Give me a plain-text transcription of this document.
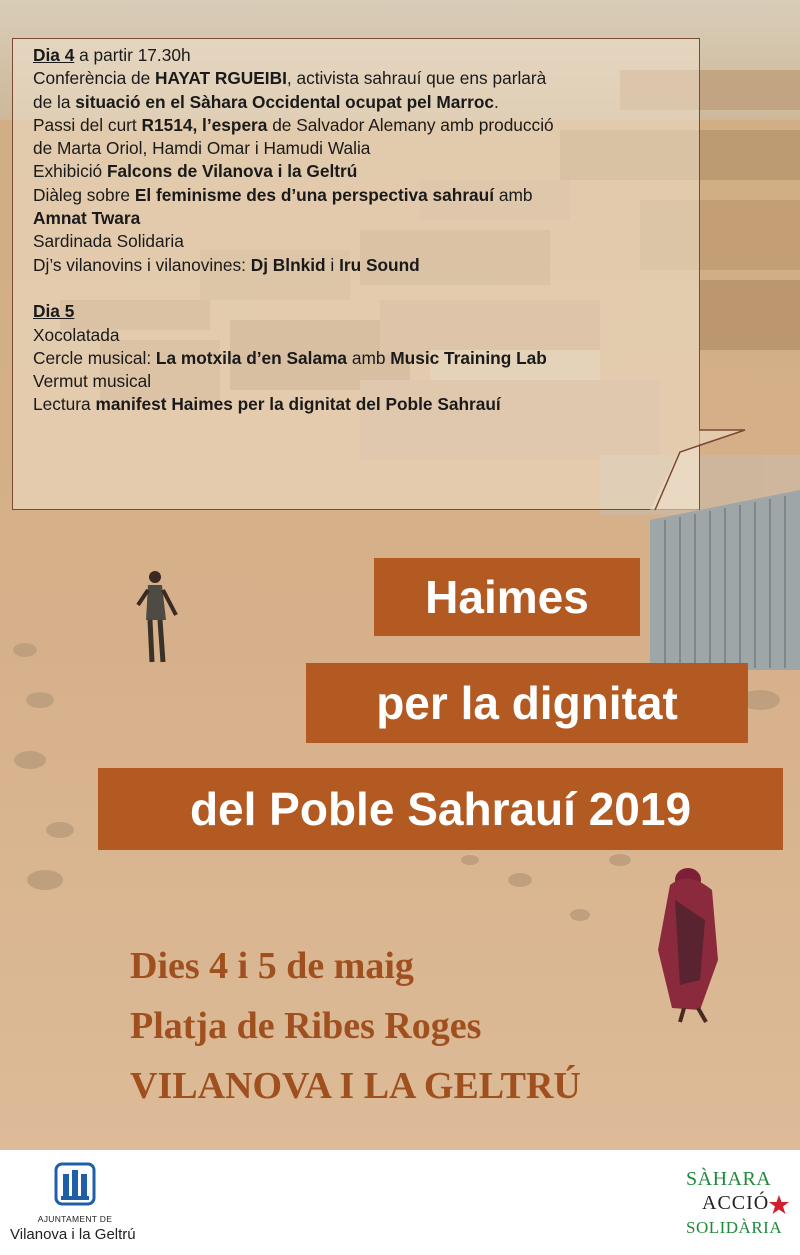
Dia 4 a partir 17.30h
Conferència de HAYAT RGUEIBI, activista sahrauí que ens parlarà
de la situació en el Sàhara Occidental ocupat pel Marroc.
Passi del curt R1514, l’espera de Salvador Alemany amb producció
de Marta Oriol, Hamdi Omar i Hamudi Walia
Exhibició Falcons de Vilanova i la Geltrú
Diàleg sobre El feminisme des d’una perspectiva sahrauí amb
Amnat Twara
Sardinada Solidaria
Dj’s vilanovins i vilanovines: Dj Blnkid i Iru Sound
Dia 5
Xocolatada
Cercle musical: La motxila d’en Salama amb Music Training Lab
Vermut musical
Lectura manifest Haimes per la dignitat del Poble Sahrauí
Haimes
per la dignitat
del Poble Sahrauí 2019
Dies 4 i 5 de maig
Platja de Ribes Roges
VILANOVA I LA GELTRÚ
AJUNTAMENT DE
Vilanova i la Geltrú
SÀHARA
ACCIÓ
SOLIDÀRIA
